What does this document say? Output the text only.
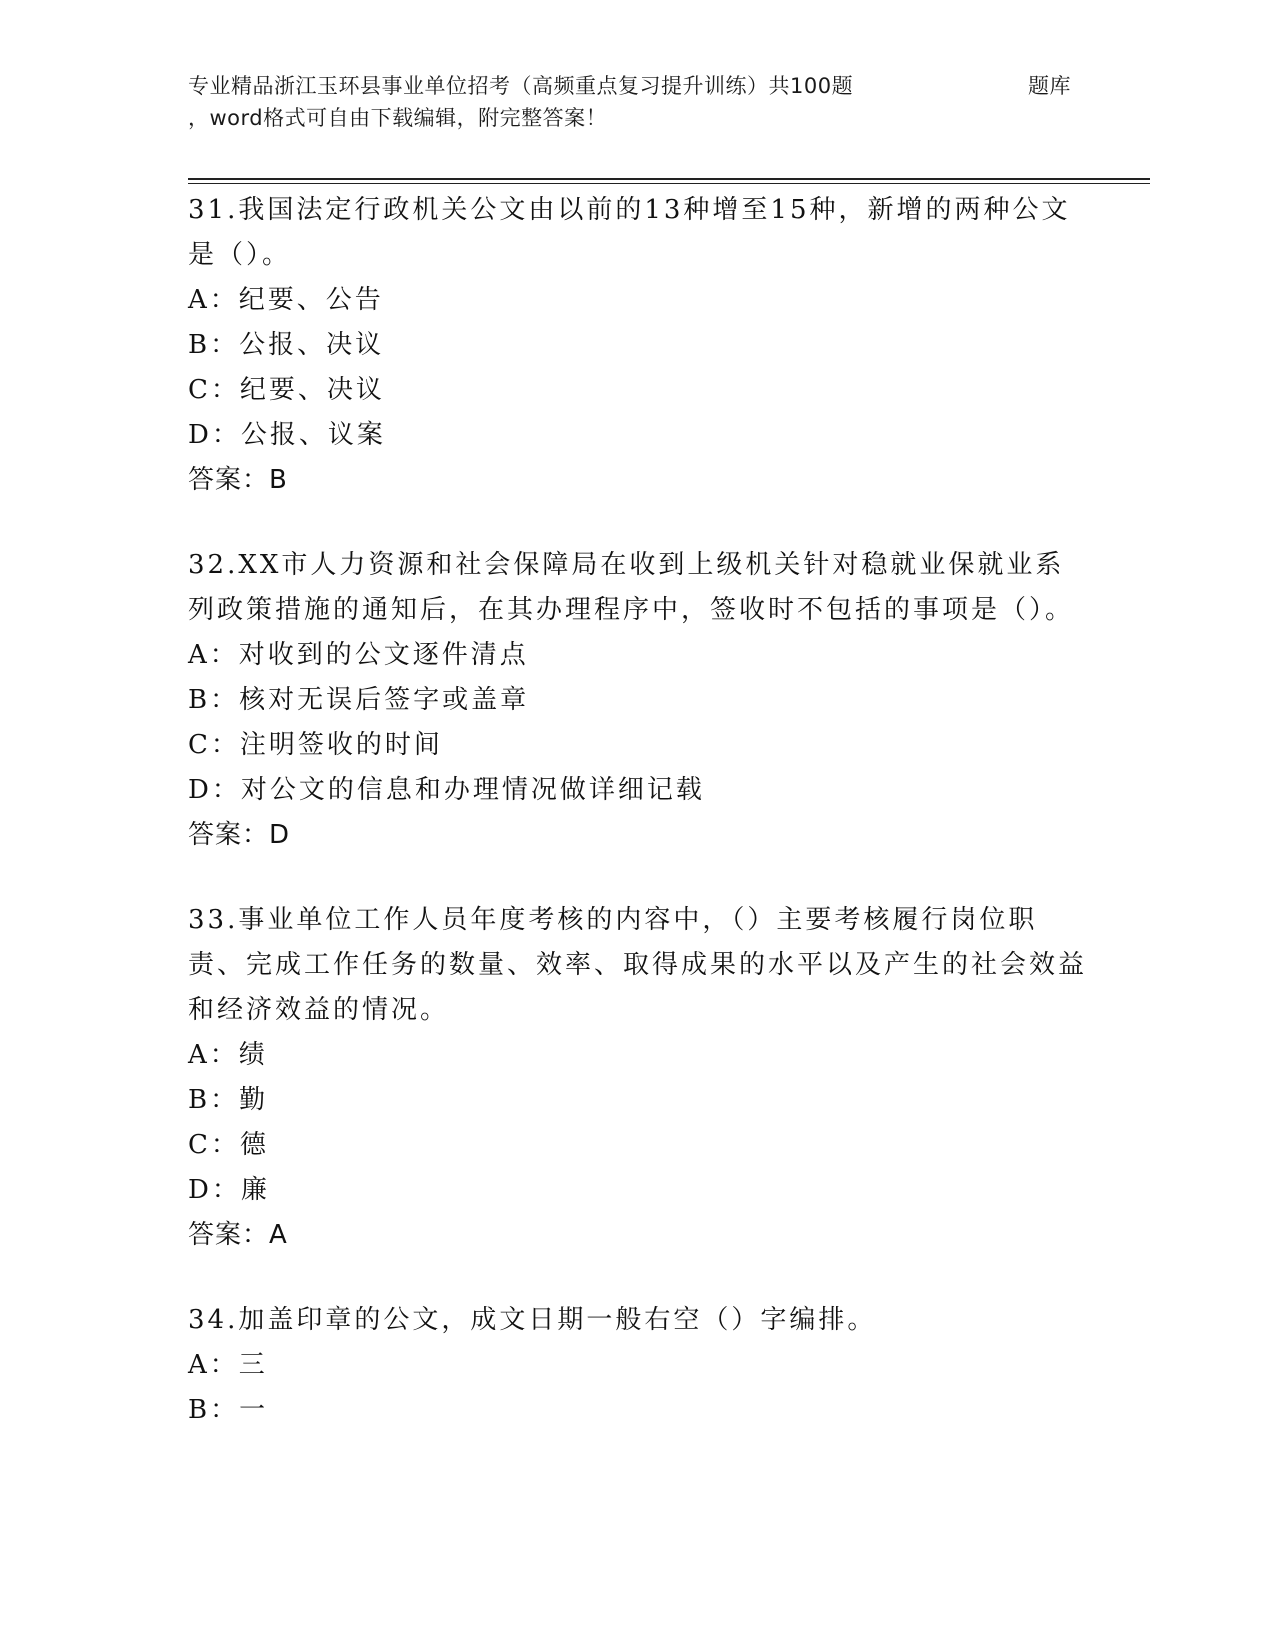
专业精品浙江玉环县事业单位招考（高频重点复习提升训练）共100题	题库
，word格式可自由下载编辑，附完整答案！

31.我国法定行政机关公文由以前的13种增至15种，新增的两种公文是（）。

A：纪要、公告

B：公报、决议

C：纪要、决议

D：公报、议案

答案：B

32.XX市人力资源和社会保障局在收到上级机关针对稳就业保就业系列政策措施的通知后，在其办理程序中，签收时不包括的事项是（）。

A：对收到的公文逐件清点

B：核对无误后签字或盖章

C：注明签收的时间

D：对公文的信息和办理情况做详细记载

答案：D

33.事业单位工作人员年度考核的内容中，（）主要考核履行岗位职责、完成工作任务的数量、效率、取得成果的水平以及产生的社会效益和经济效益的情况。

A：绩

B：勤

C：德

D：廉

答案：A

34.加盖印章的公文，成文日期一般右空（）字编排。

A：三

B：一
